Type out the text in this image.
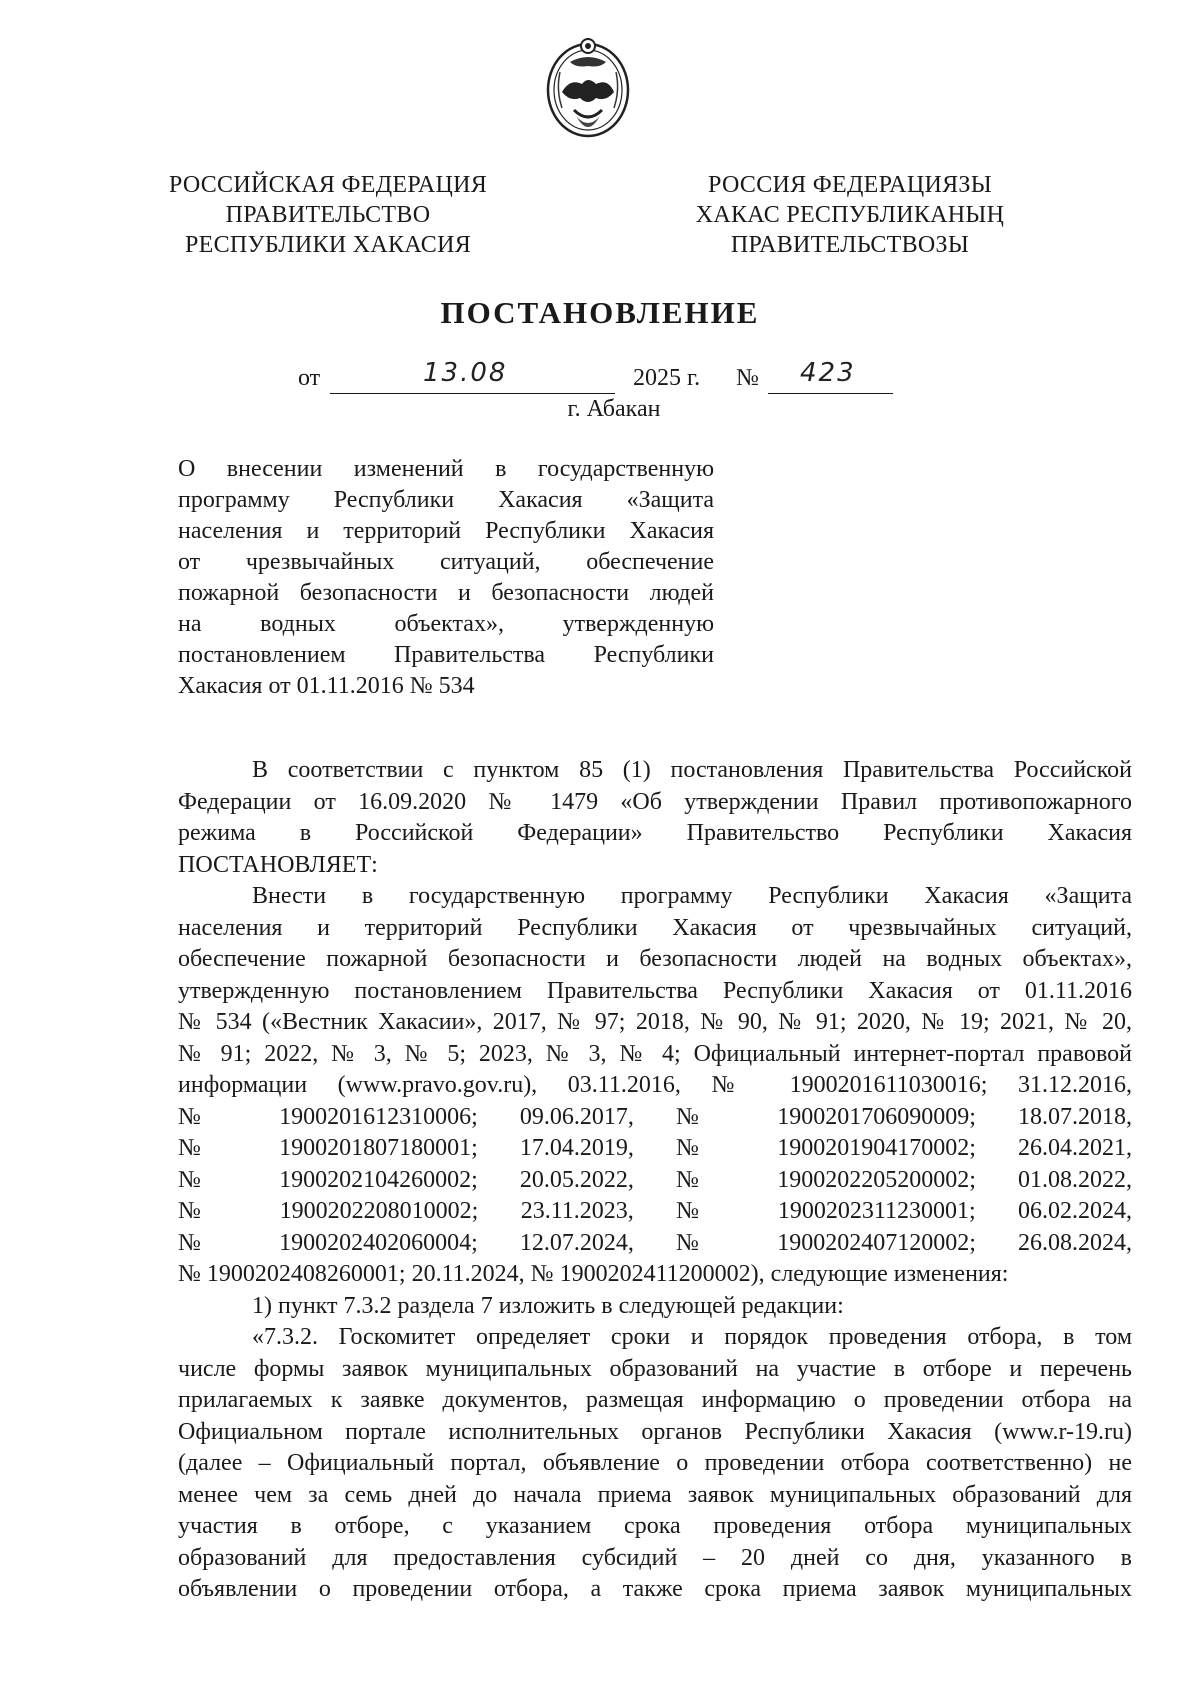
РОССИЙСКАЯ ФЕДЕРАЦИЯ
ПРАВИТЕЛЬСТВО
РЕСПУБЛИКИ ХАКАСИЯ
РОССИЯ ФЕДЕРАЦИЯЗЫ
ХАКАС РЕСПУБЛИКАНЫҢ
ПРАВИТЕЛЬСТВОЗЫ
ПОСТАНОВЛЕНИЕ
от	13.08	2025 г. № 423
г. Абакан
О внесении изменений в государственную
программу Республики Хакасия «Защита
населения и территорий Республики Хакасия
от чрезвычайных ситуаций, обеспечение
пожарной безопасности и безопасности людей
на водных объектах», утвержденную
постановлением Правительства Республики
Хакасия от 01.11.2016 № 534
В соответствии с пунктом 85 (1) постановления Правительства Российской
Федерации от 16.09.2020 № 1479 «Об утверждении Правил противопожарного
режима в Российской Федерации» Правительство Республики Хакасия
ПОСТАНОВЛЯЕТ:
Внести в государственную программу Республики Хакасия «Защита
населения и территорий Республики Хакасия от чрезвычайных ситуаций,
обеспечение пожарной безопасности и безопасности людей на водных объектах»,
утвержденную постановлением Правительства Республики Хакасия от 01.11.2016
№ 534 («Вестник Хакасии», 2017, № 97; 2018, № 90, № 91; 2020, № 19; 2021, № 20,
№ 91; 2022, № 3, № 5; 2023, № 3, № 4; Официальный интернет-портал правовой
информации (www.pravo.gov.ru), 03.11.2016, № 1900201611030016; 31.12.2016,
№ 1900201612310006; 09.06.2017, № 1900201706090009; 18.07.2018,
№ 1900201807180001; 17.04.2019, № 1900201904170002; 26.04.2021,
№ 1900202104260002; 20.05.2022, № 1900202205200002; 01.08.2022,
№ 1900202208010002; 23.11.2023, № 1900202311230001; 06.02.2024,
№ 1900202402060004; 12.07.2024, № 1900202407120002; 26.08.2024,
№ 1900202408260001; 20.11.2024, № 1900202411200002), следующие изменения:
1) пункт 7.3.2 раздела 7 изложить в следующей редакции:
«7.3.2. Госкомитет определяет сроки и порядок проведения отбора, в том
числе формы заявок муниципальных образований на участие в отборе и перечень
прилагаемых к заявке документов, размещая информацию о проведении отбора на
Официальном портале исполнительных органов Республики Хакасия (www.r-19.ru)
(далее – Официальный портал, объявление о проведении отбора соответственно) не
менее чем за семь дней до начала приема заявок муниципальных образований для
участия в отборе, с указанием срока проведения отбора муниципальных
образований для предоставления субсидий – 20 дней со дня, указанного в
объявлении о проведении отбора, а также срока приема заявок муниципальных
